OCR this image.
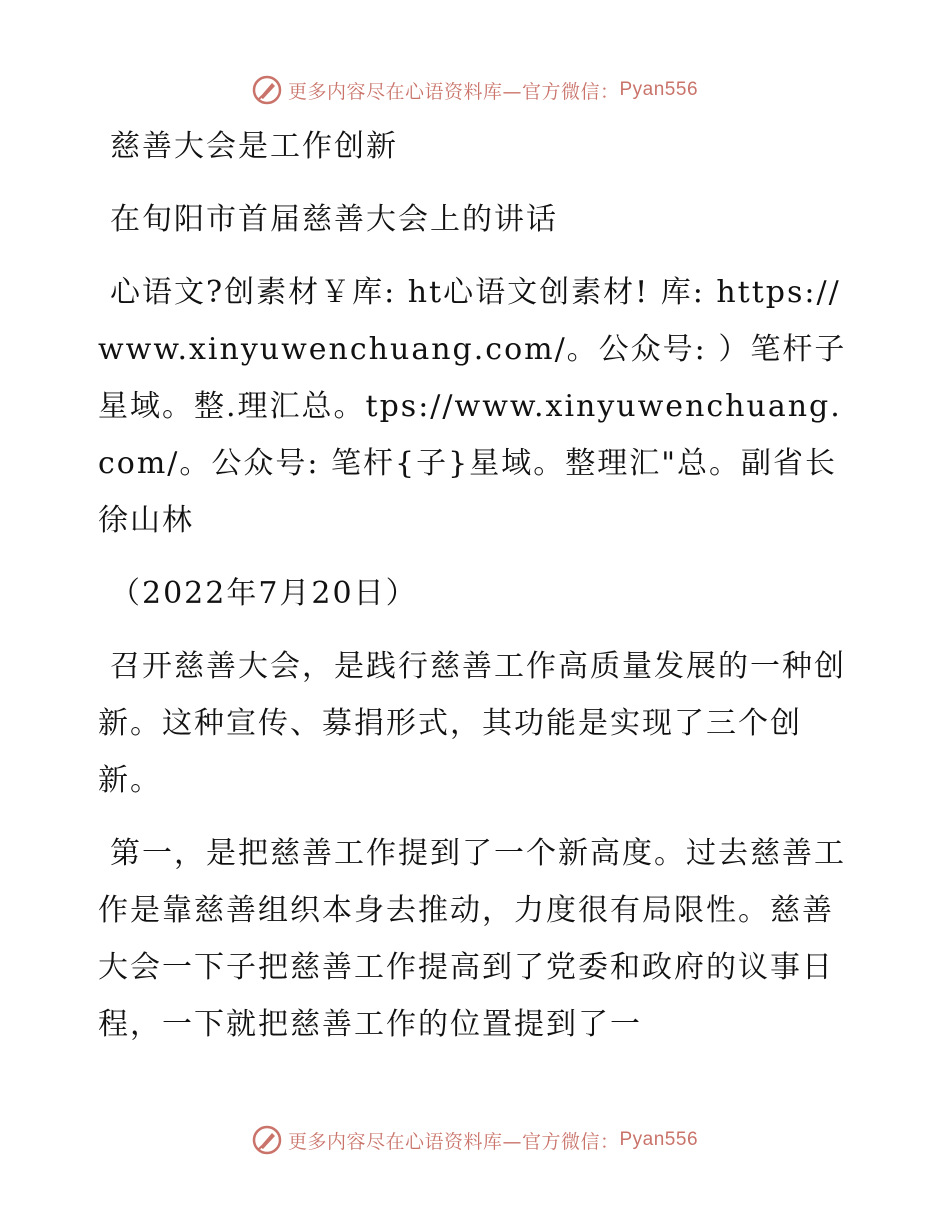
更多内容尽在心语资料库—官方微信： Pyan556

慈善大会是工作创新

在旬阳市首届慈善大会上的讲话

心语文?创素材￥库: ht心语文创素材! 库: https://www.xinyuwenchuang.com/。公众号: ）笔杆子星域。整.理汇总。tps://www.xinyuwenchuang.com/。公众号: 笔杆{子}星域。整理汇"总。副省长　徐山林

（2022年7月20日）

召开慈善大会，是践行慈善工作高质量发展的一种创新。这种宣传、募捐形式，其功能是实现了三个创新。

第一，是把慈善工作提到了一个新高度。过去慈善工作是靠慈善组织本身去推动，力度很有局限性。慈善大会一下子把慈善工作提高到了党委和政府的议事日程，一下就把慈善工作的位置提到了一

更多内容尽在心语资料库—官方微信： Pyan556
